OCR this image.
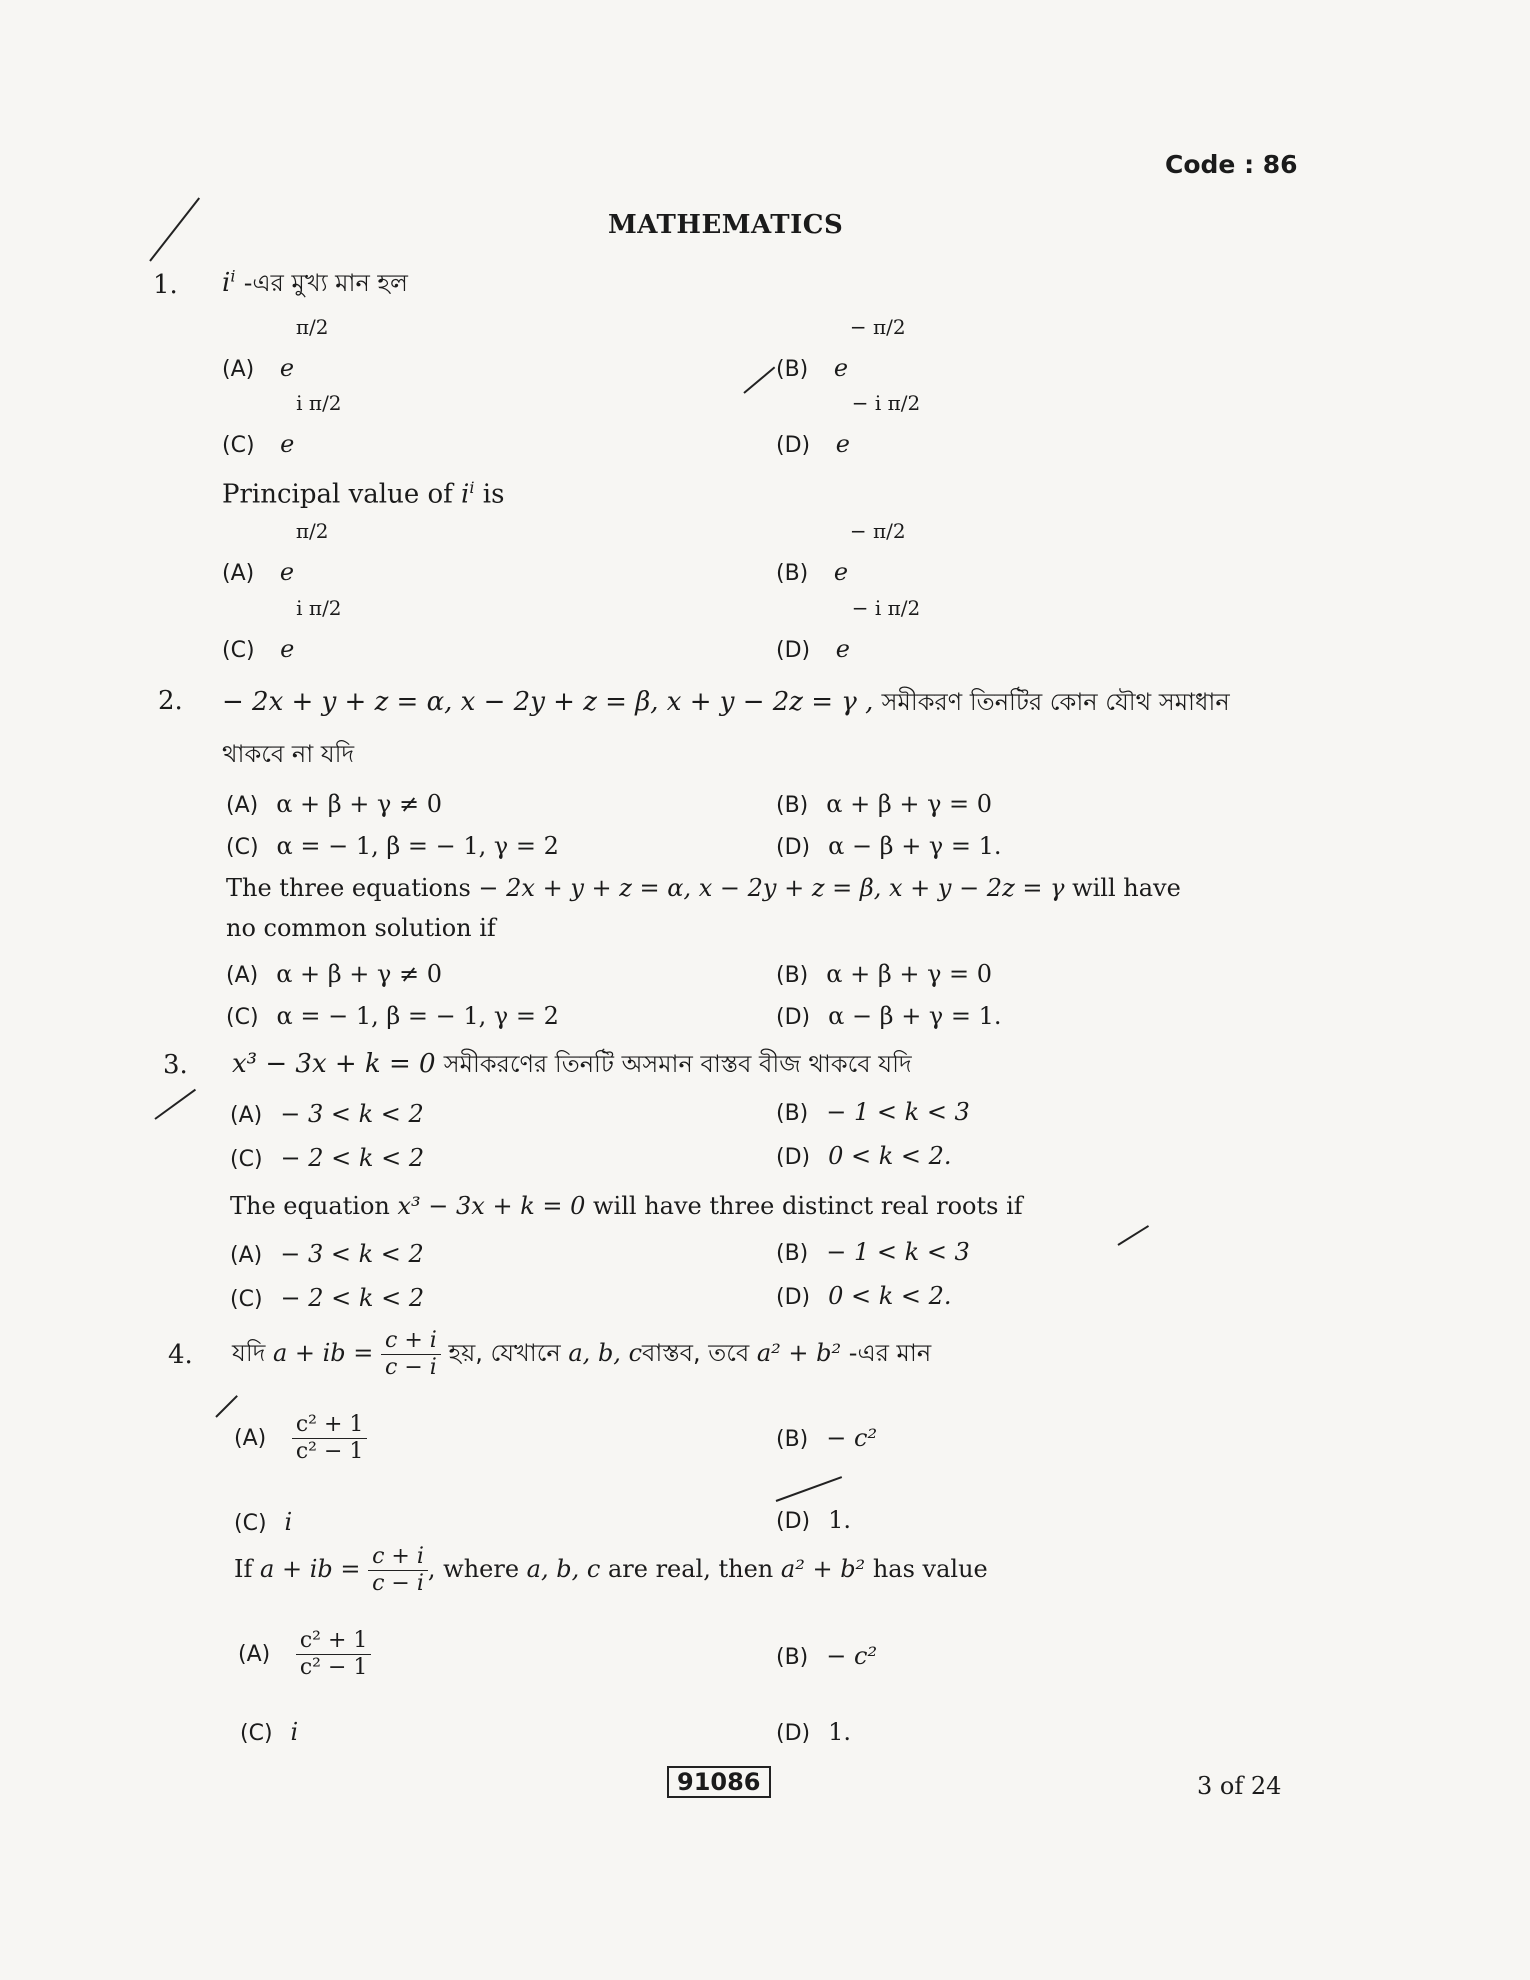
Code : 86
MATHEMATICS
1. $i^i$ -এর মুখ্য মান হল
(A) e
π/2
(B) e
− π/2
(C) e
i π/2
(D) e
− i π/2
Principal value of $i^i$ is
(A) e
π/2
(B) e
− π/2
(C) e
i π/2
(D) e
− i π/2
2. − 2x + y + z = α, x − 2y + z = β, x + y − 2z = γ , সমীকরণ তিনটির কোন যৌথ সমাধান
থাকবে না যদি
(A) α + β + γ ≠ 0	(B) α + β + γ = 0
(C) α = − 1, β = − 1, γ = 2	(D) α − β + γ = 1.
The three equations − 2x + y + z = α, x − 2y + z = β, x + y − 2z = γ will have
no common solution if
(A) α + β + γ ≠ 0	(B) α + β + γ = 0
(C) α = − 1, β = − 1, γ = 2	(D) α − β + γ = 1.
3. x³ − 3x + k = 0 সমীকরণের তিনটি অসমান বাস্তব বীজ থাকবে যদি
(A) − 3 < k < 2	(B) − 1 < k < 3
(C) − 2 < k < 2	(D) 0 < k < 2.
The equation x³ − 3x + k = 0 will have three distinct real roots if
(A) − 3 < k < 2	(B) − 1 < k < 3
(C) − 2 < k < 2	(D) 0 < k < 2.
4. যদি a + ib = $\frac{c + i}{c - i}$ হয়, যেখানে a, b, cবাস্তব, তবে a² + b² -এর মান
$(A) \frac{\text{c² + 1}}{\text{c² − 1}}$	(B) − c²
(C) i	(D) 1.
If a + ib = $\frac{c + i}{c - i}$ , where a, b, c are real, then a² + b² has value
$(A) \frac{\text{c² + 1}}{\text{c² − 1}}$	(B) − c²
(C) i	(D) 1.
91086	3 of 24
